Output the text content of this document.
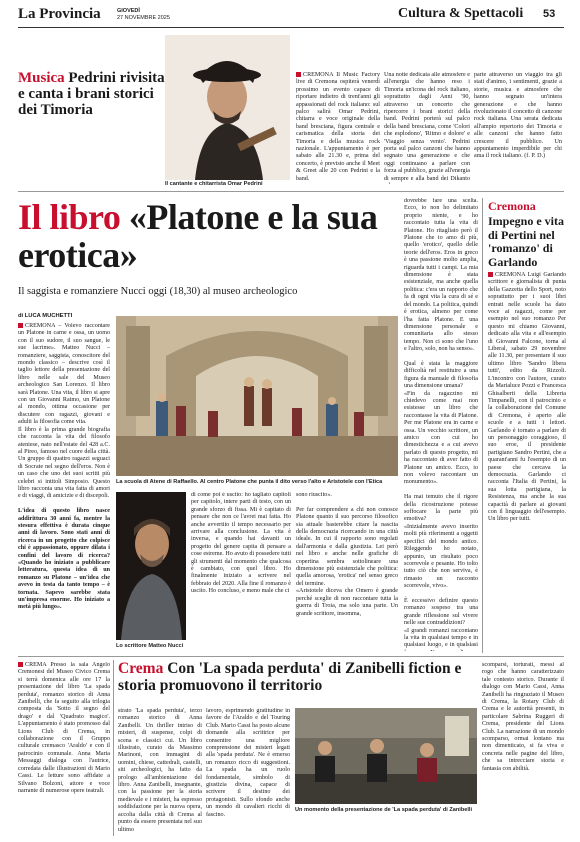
La Provincia	GIOVEDÌ
27 NOVEMBRE 2025	Cultura & Spettacoli 53
Musica Pedrini rivisita e canta i brani storici dei Timoria
Il cantante e chitarrista Omar Pedrini
CREMONA Il Music Factory live di Cremona ospiterà venerdì prossimo un evento capace di riportare indietro di trent'anni gli appassionati del rock italiano: sul palco salirà Omar Pedrini, chitarra e voce originale della band bresciana, figura centrale e carismatica della storia dei Timoria e della musica rock nazionale. L'appuntamento è per sabato alle 21.30 e, prima del concerto, è previsto anche il Meet & Greet alle 20 con Pedrini e la band.
Una notte dedicata alle atmosfere e all'energia che hanno reso i Timoria un'icona del rock italiano, soprattutto dagli Anni '90, attraverso un concerto che ripercorre i brani storici della band. Pedrini porterà sul palco della band bresciana, come 'Colori che esplodono', 'Ritmo e dolore' e 'Viaggio senza vento'. Pedrini porta sul palco canzoni che hanno segnato una generazione e che oggi continuano a parlare con forza al pubblico, grazie all'energia di sempre e alla band dei Dikanto
parte attraverso un viaggio tra gli stati d'animo, i sentimenti, grazie a storie, musica e atmosfere che hanno segnato un'intera generazione e che hanno rivoluzionato il concetto di canzone rock italiana. Una serata dedicata all'ampio repertorio dei Timoria e alle canzoni che hanno fatto crescere il pubblico. Un appuntamento imperdibile per chi ama il rock italiano. (f. P. D.)
Il libro «Platone e la sua erotica»
Il saggista e romanziere Nucci oggi (18,30) al museo archeologico
di LUCA MUCHETTI
CREMONA – Volevo raccontare un Platone in carne e ossa, un uomo con il suo sudore, il suo sangue, le sue lacrime». Matteo Nucci – romanziere, saggista, conoscitore del mondo classico – descrive così il taglio lettore della presentazione del libro nelle sale del Museo archeologico San Lorenzo. Il libro sarà Platone. Una vita, il libro si apre con un Giovanni Raimo, un Platone al mondo, ottima occasione per discutere con ragazzi, giovani e adulti la filosofia come vita.
Il libro è la prima grande biografia che racconta la vita del filosofo ateniese, nato nell'estate del 428 a.C. al Pireo, famoso nel cuore della città. Un gruppo di quattro ragazzi seguaci di Socrate nel segno dell'eros. Non è un caso che uno dei suoi scritti più celebri si intitoli Simposio. Questo libro racconta una vita fatta di amori e di viaggi, di amicizie e di discepoli.

L'idea di questo libro nasce addirittura 30 anni fa, mentre la stesura effettiva è durata cinque anni di lavoro. Sono stati anni di ricerca in un progetto che colpisce chi è appassionato, oppure dilata i confini del lavoro di ricerca? «Quando ho iniziato a pubblicare letteratura, questa idea di un romanzo su Platone – un'idea che avevo in testa da tanto tempo – è tornata. Sapevo sarebbe stata un'impresa enorme. Ho iniziato a metà più lungo».
La scuola di Atene di Raffaello. Al centro Platone che punta il dito verso l'alto e Aristotele con l'Etica
Lo scrittore Matteo Nucci
di come poi è uscito: ho tagliato capitoli per capitolo, intere parti di testo, con un grande sforzo di fissa. Mi è capitato di pensare che non ce l'avrei mai fatta. Ho anche avvertito il tempo necessario per arrivare alla conclusione. La vita è inversa, e quando hai davanti un progetto del genere capita di pensare a cose estreme. Ho avuto di possedere tutti gli strumenti dal momento che qualcosa è cambiato, con quel libro. Ho finalmente iniziato a scrivere nel febbraio del 2020. Alla fine il romanzo è uscito. Ho concluso, e meno male che ci
sono riuscito».

Per far comprendere a chi non conosce Platone quanto il suo percorso filosofico sia attuale basterebbe citare la nascita della democrazia ricercando in una città ideale. In cui il rapporto sono regolati dall'armonia e dalla giustizia. Lei però nel libro e anche nelle grafiche di copertina sembra sottolineare una dimensione più esistenziale che politica: quella amorosa, 'erotica' nel senso greco del termine.
«Aristotele diceva che Omero è grande perché sceglie di non raccontare tutta la guerra di Troia, ma solo una parte. Un grande scrittore, insomma,
dovrebbe fare una scelta. Ecco, io non ho delimitato proprio niente, e ho raccontato tutta la vita di Platone. Ho ritagliato però il Platone che io amo di più, quello 'erotico', quello delle teorie dell'eros. Eros in greco è una passione molto amplia, riguarda tutti i campi. La mia dimensione è stata esistenziale, ma anche quella politica: c'era un rapporto che fa di ogni vita la cura di sé e del mondo. La politica, quindi è erotica, almeno per come l'ha fatta Platone. E una dimensione personale e comunitaria allo stesso tempo. Non ci sono che l'uno e l'altro, solo, non ha senso».

Qual è stata la maggiore difficoltà nel restituire a una figura da manuale di filosofia una dimensione umana?
«Fin da ragazzino mi chiedevo come mai non esistesse un libro che raccontasse la vita di Platone. Per me Platone era in carne e ossa. Un vecchio scrittore, un amico con cui ho dimestichezza e a cui avevo parlato di questo progetto, mi ha raccontato di aver fatto di Platone un amico. Ecco, io non volevo raccontare un monumento».

Ha mai temuto che il rigore della ricostruzione potesse soffocare la parte più emotiva?
«Inizialmente avevo inserito molti più riferimenti a oggetti specifici del mondo antico. Rileggendo ho notato, appunto, un risultato poco scorrevole e pesante. Ho tolto tutto ciò che non serviva, è rimasto un racconto scorrevole, vivo».

È eccessivo definire questo romanzo sospeso tra una grande riflessione sul vivere nelle sue contraddizioni?
«I grandi romanzi raccontano la vita in qualsiasi tempo e in qualsiasi luogo, e in qualsiasi
Cremona
Impegno e vita di Pertini nel 'romanzo' di Garlando
CREMONA Luigi Garlando scrittore e giornalista di punta della Gazzetta dello Sport, noto soprattutto per i suoi libri entrati nelle scuole ha dato voce ai ragazzi, come per esempio nel suo romanzo Per questo mi chiamo Giovanni, dedicato alla vita e all'esempio di Giovanni Falcone, torna al Liberal, sabato 29 novembre alle 11.30, per presentare il suo ultimo libro 'Sandro libera tutti', edito da Rizzoli. L'incontro con l'autore, curato da Marialuce Pozzi e Francesca Ghisalberti della Libreria Timpanelli, con il patrocinio e la collaborazione del Comune di Cremona, è aperto alle scuole e a tutti i lettori. Garlando è tornato a parlare di un personaggio coraggioso, il suo eroe, il presidente partigiano Sandro Pertini, che a quarant'anni fu l'esempio di un paese che cercava la democrazia. Garlando ci racconta l'Italia di Pertini, la sua lotta partigiana, la Resistenza, ma anche la sua capacità di parlare ai giovani con il linguaggio dell'esempio. Un libro per tutti.
CREMA Presso la sala Angelo Cremonesi del Museo Civico Crema si terrà domenica alle ore 17 la presentazione del libro 'La spada perduta', romanzo storico di Anna Zanibelli, che fa seguito alla trilogia composta da 'Sotto il segno del drago' e dal 'Quadrato magico'. L'appuntamento è stato promosso dal Lions Club di Crema, in collaborazione con il Gruppo culturale cremasco 'Araldo' e con il patrocinio comunale. Anna Maria Messaggi dialoga con l'autrice, corredata dalle illustrazioni di Mario Cassi. Le letture sono affidate a Silvano Bolzoni, attore e voce narrante di numerose opere teatrali.
Crema Con 'La spada perduta' di Zanibelli fiction e storia promuovono il territorio
strato 'La spada perduta', terzo romanzo storico di Anna Zanibelli. Un thriller intriso di misteri, di suspense, colpi di scena e classici cui. Un libro illustrato, curato da Massimo Marinoni, con immagini di uomini, chiese, cattedrali, castelli, siti archeologici, ha fatto da prologo all'ambientazione del libro. Anna Zanibelli, insegnante, con la passione per la storia medievale e i misteri, ha espresso soddisfazione per la nuova opera, accolta dalla città di Crema al punto da essere presentata nel suo ultimo
lavoro, esprimendo gratitudine in favore de l'Araldo e del Touring Club. Mario Cassi ha posto alcune domande alla scrittrice per consentire una migliore comprensione dei misteri legati alla 'spada perduta'. Ne è emerso un romanzo ricco di suggestioni. La spada ha un ruolo fondamentale, simbolo di giustizia divina, capace di scrivere il destino dei protagonisti. Sullo sfondo anche un mondo di cavalieri ricchi di fascino.
Un momento della presentazione de 'La spada perduta' di Zanibelli
scomparsi, torturati, messi al rogo che hanno caratterizzato tale contesto storico. Durante il dialogo con Mario Cassi, Anna Zanibelli ha ringraziato il Museo di Crema, la Rotary Club di Crema e le autorità presenti, in particolare Sabrina Ruggeri di Crema, presidente del Lions Club. La narrazione di un mondo scomparso, ormai lontano ma non dimenticato, si fa viva e concreta nelle pagine del libro, che sa intrecciare storia e fantasia con abilità.
